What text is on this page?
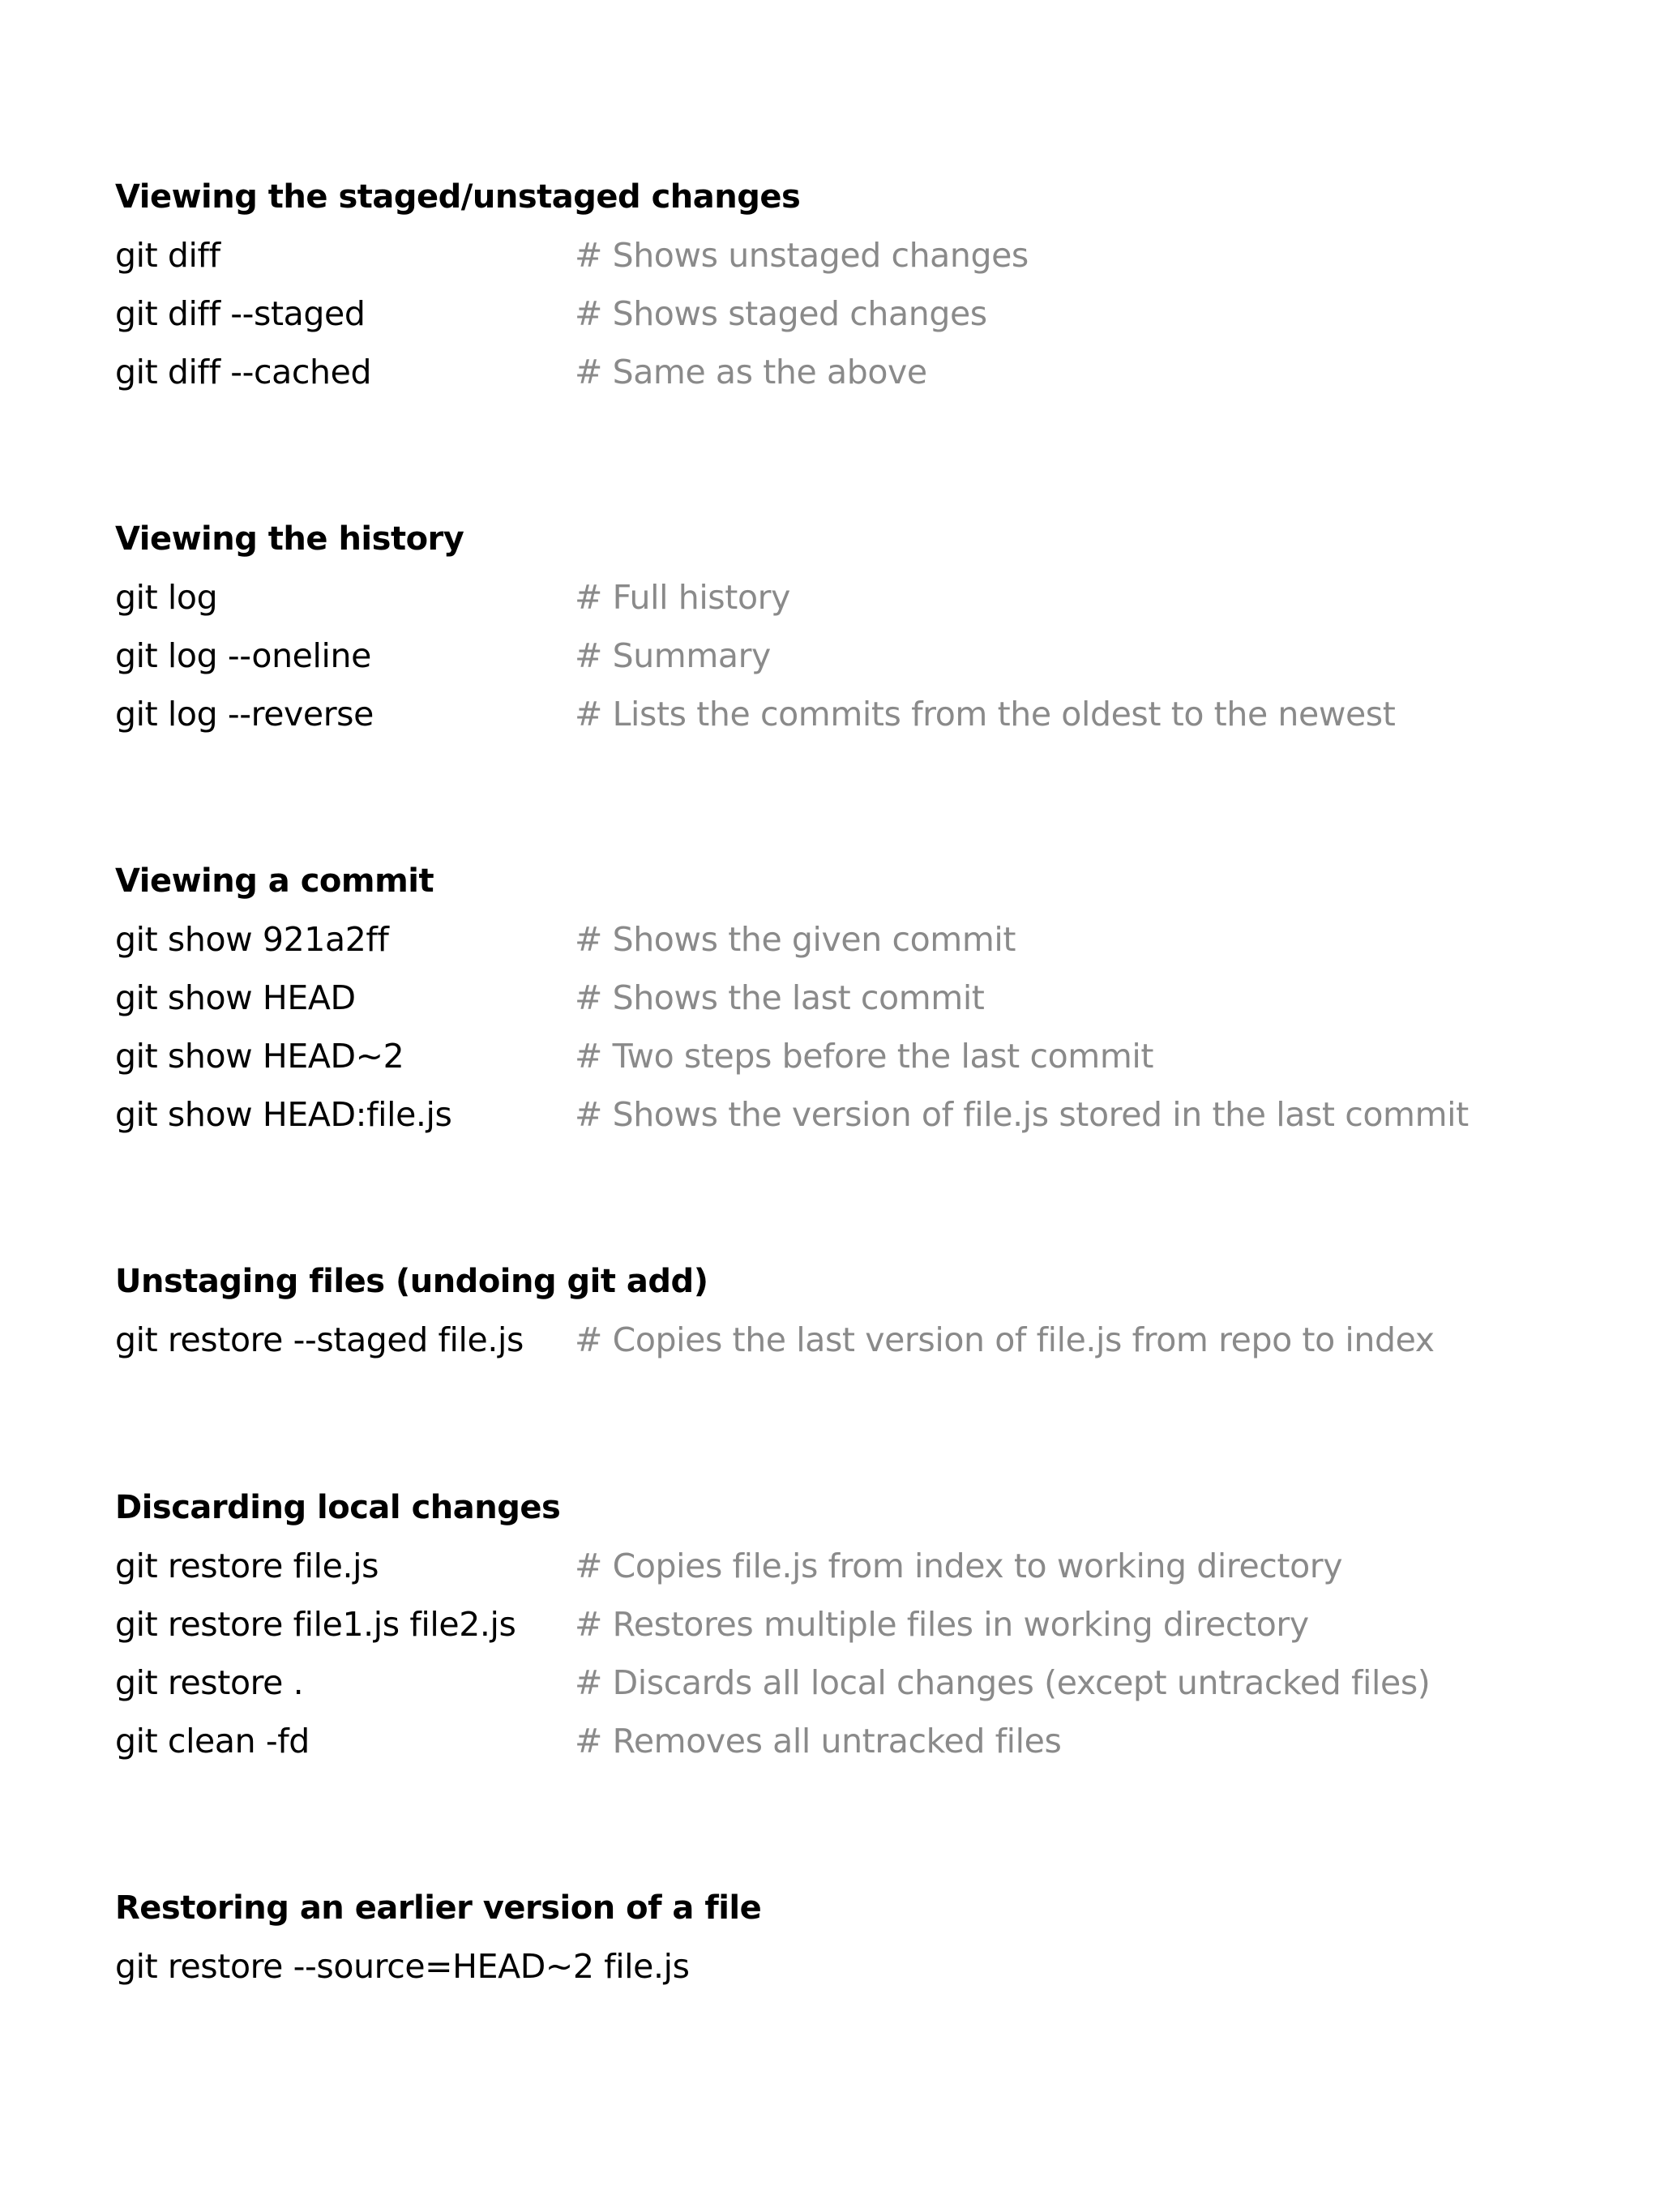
Viewing the staged/unstaged changes
git diff	# Shows unstaged changes
git diff --staged	# Shows staged changes
git diff --cached	# Same as the above
Viewing the history
git log	# Full history
git log --oneline	# Summary
git log --reverse	# Lists the commits from the oldest to the newest
Viewing a commit
git show 921a2ff	# Shows the given commit
git show HEAD	# Shows the last commit
git show HEAD~2	# Two steps before the last commit
git show HEAD:file.js	# Shows the version of file.js stored in the last commit
Unstaging files (undoing git add)
git restore --staged file.js # Copies the last version of file.js from repo to index
Discarding local changes
git restore file.js	# Copies file.js from index to working directory
git restore file1.js file2.js # Restores multiple files in working directory
git restore .	# Discards all local changes (except untracked files)
git clean -fd	# Removes all untracked files
Restoring an earlier version of a file
git restore --source=HEAD~2 file.js
